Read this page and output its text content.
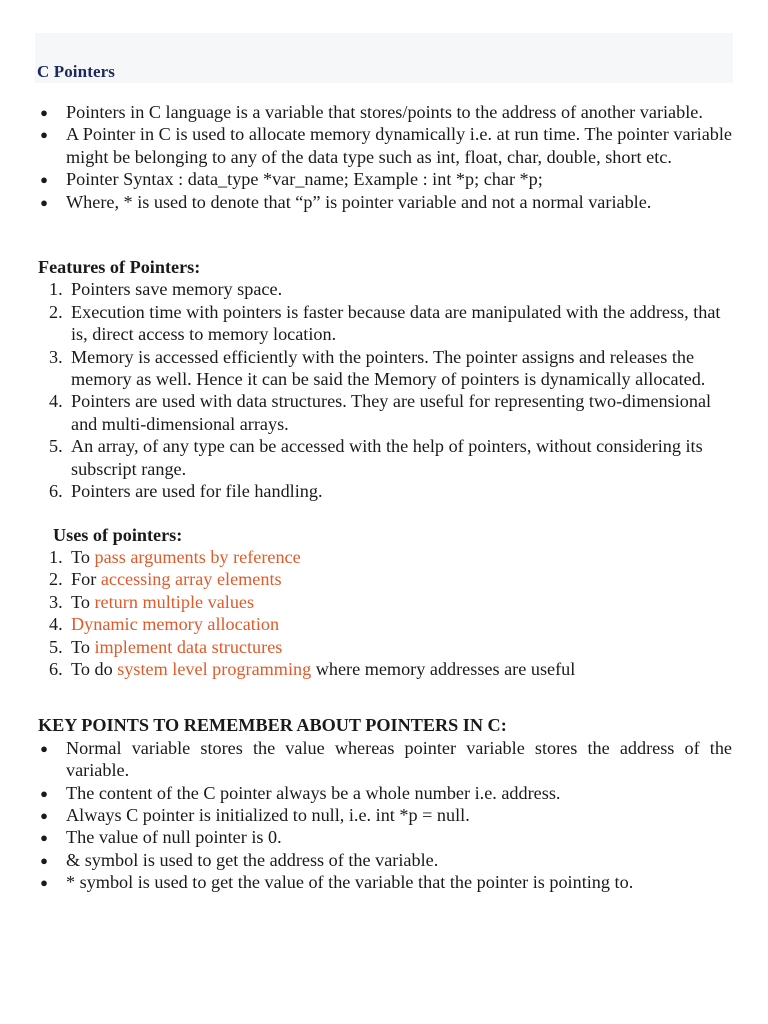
C Pointers
● Pointers in C language is a variable that stores/points to the address of another variable.
● A Pointer in C is used to allocate memory dynamically i.e. at run time. The pointer variable might be belonging to any of the data type such as int, float, char, double, short etc.
● Pointer Syntax : data_type *var_name; Example : int *p; char *p;
● Where, * is used to denote that “p” is pointer variable and not a normal variable.

Features of Pointers:

1. Pointers save memory space.
2. Execution time with pointers is faster because data are manipulated with the address, that is, direct access to memory location.
3. Memory is accessed efficiently with the pointers. The pointer assigns and releases the memory as well. Hence it can be said the Memory of pointers is dynamically allocated.
4. Pointers are used with data structures. They are useful for representing two-dimensional and multi-dimensional arrays.
5. An array, of any type can be accessed with the help of pointers, without considering its subscript range.
6. Pointers are used for file handling.

Uses of pointers:

1. To pass arguments by reference
2. For accessing array elements
3. To return multiple values
4. Dynamic memory allocation
5. To implement data structures
6. To do system level programming where memory addresses are useful

KEY POINTS TO REMEMBER ABOUT POINTERS IN C:

● Normal variable stores the value whereas pointer variable stores the address of the variable.
● The content of the C pointer always be a whole number i.e. address.
● Always C pointer is initialized to null, i.e. int *p = null.
● The value of null pointer is 0.
● & symbol is used to get the address of the variable.
● * symbol is used to get the value of the variable that the pointer is pointing to.
